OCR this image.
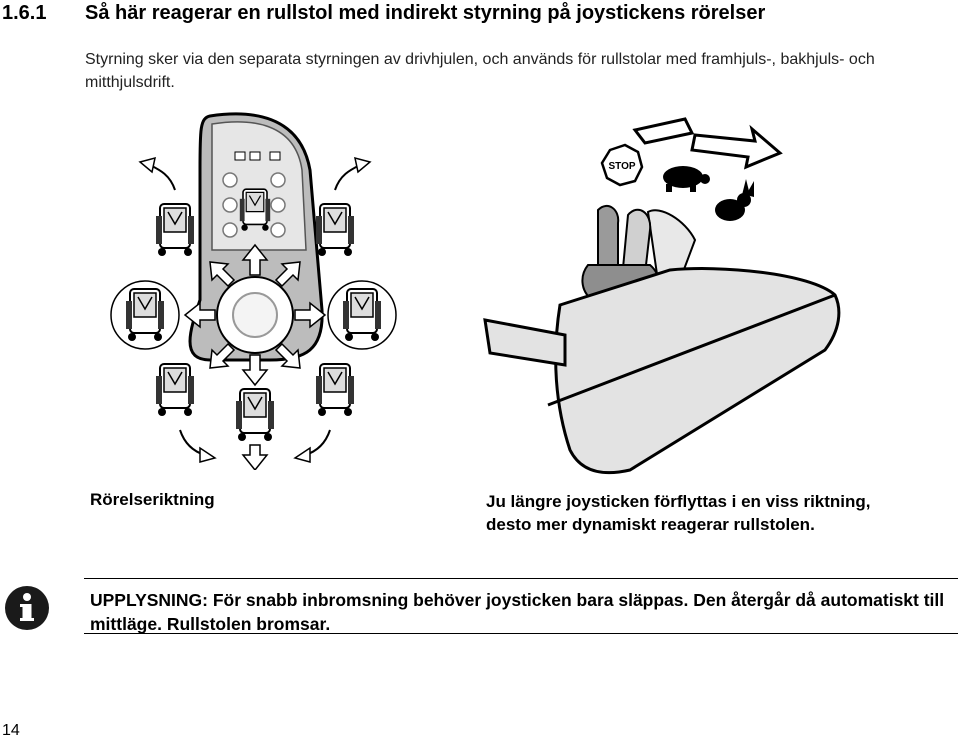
1.6.1 Så här reagerar en rullstol med indirekt styrning på joystickens rörelser
Styrning sker via den separata styrningen av drivhjulen, och används för rullstolar med framhjuls-, bakhjuls- och mitthjulsdrift.
STOP
Rörelseriktning	Ju längre joysticken förflyttas i en viss riktning, desto mer dynamiskt reagerar rullstolen.
UPPLYSNING: För snabb inbromsning behöver joysticken bara släppas. Den återgår då automatiskt till mittläge. Rullstolen bromsar.
14
